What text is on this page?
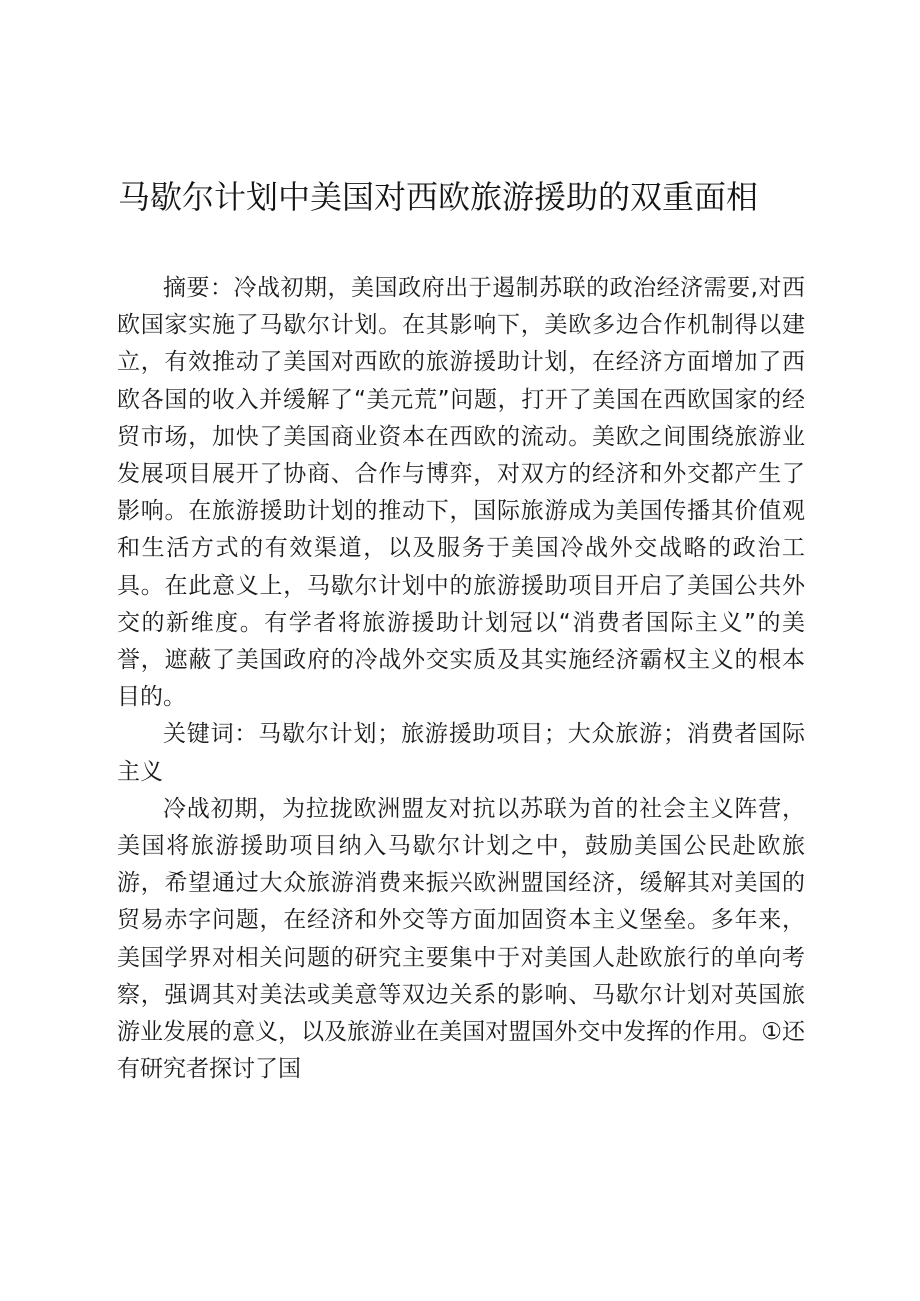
马歇尔计划中美国对西欧旅游援助的双重面相

摘要：冷战初期，美国政府出于遏制苏联的政治经济需要,对西欧国家实施了马歇尔计划。在其影响下，美欧多边合作机制得以建立，有效推动了美国对西欧的旅游援助计划，在经济方面增加了西欧各国的收入并缓解了“美元荒”问题，打开了美国在西欧国家的经贸市场，加快了美国商业资本在西欧的流动。美欧之间围绕旅游业发展项目展开了协商、合作与博弈，对双方的经济和外交都产生了影响。在旅游援助计划的推动下，国际旅游成为美国传播其价值观和生活方式的有效渠道，以及服务于美国冷战外交战略的政治工具。在此意义上，马歇尔计划中的旅游援助项目开启了美国公共外交的新维度。有学者将旅游援助计划冠以“消费者国际主义”的美誉，遮蔽了美国政府的冷战外交实质及其实施经济霸权主义的根本目的。

关键词：马歇尔计划；旅游援助项目；大众旅游；消费者国际主义

冷战初期，为拉拢欧洲盟友对抗以苏联为首的社会主义阵营，美国将旅游援助项目纳入马歇尔计划之中，鼓励美国公民赴欧旅游，希望通过大众旅游消费来振兴欧洲盟国经济，缓解其对美国的贸易赤字问题，在经济和外交等方面加固资本主义堡垒。多年来，美国学界对相关问题的研究主要集中于对美国人赴欧旅行的单向考察，强调其对美法或美意等双边关系的影响、马歇尔计划对英国旅游业发展的意义，以及旅游业在美国对盟国外交中发挥的作用。①还有研究者探讨了国
